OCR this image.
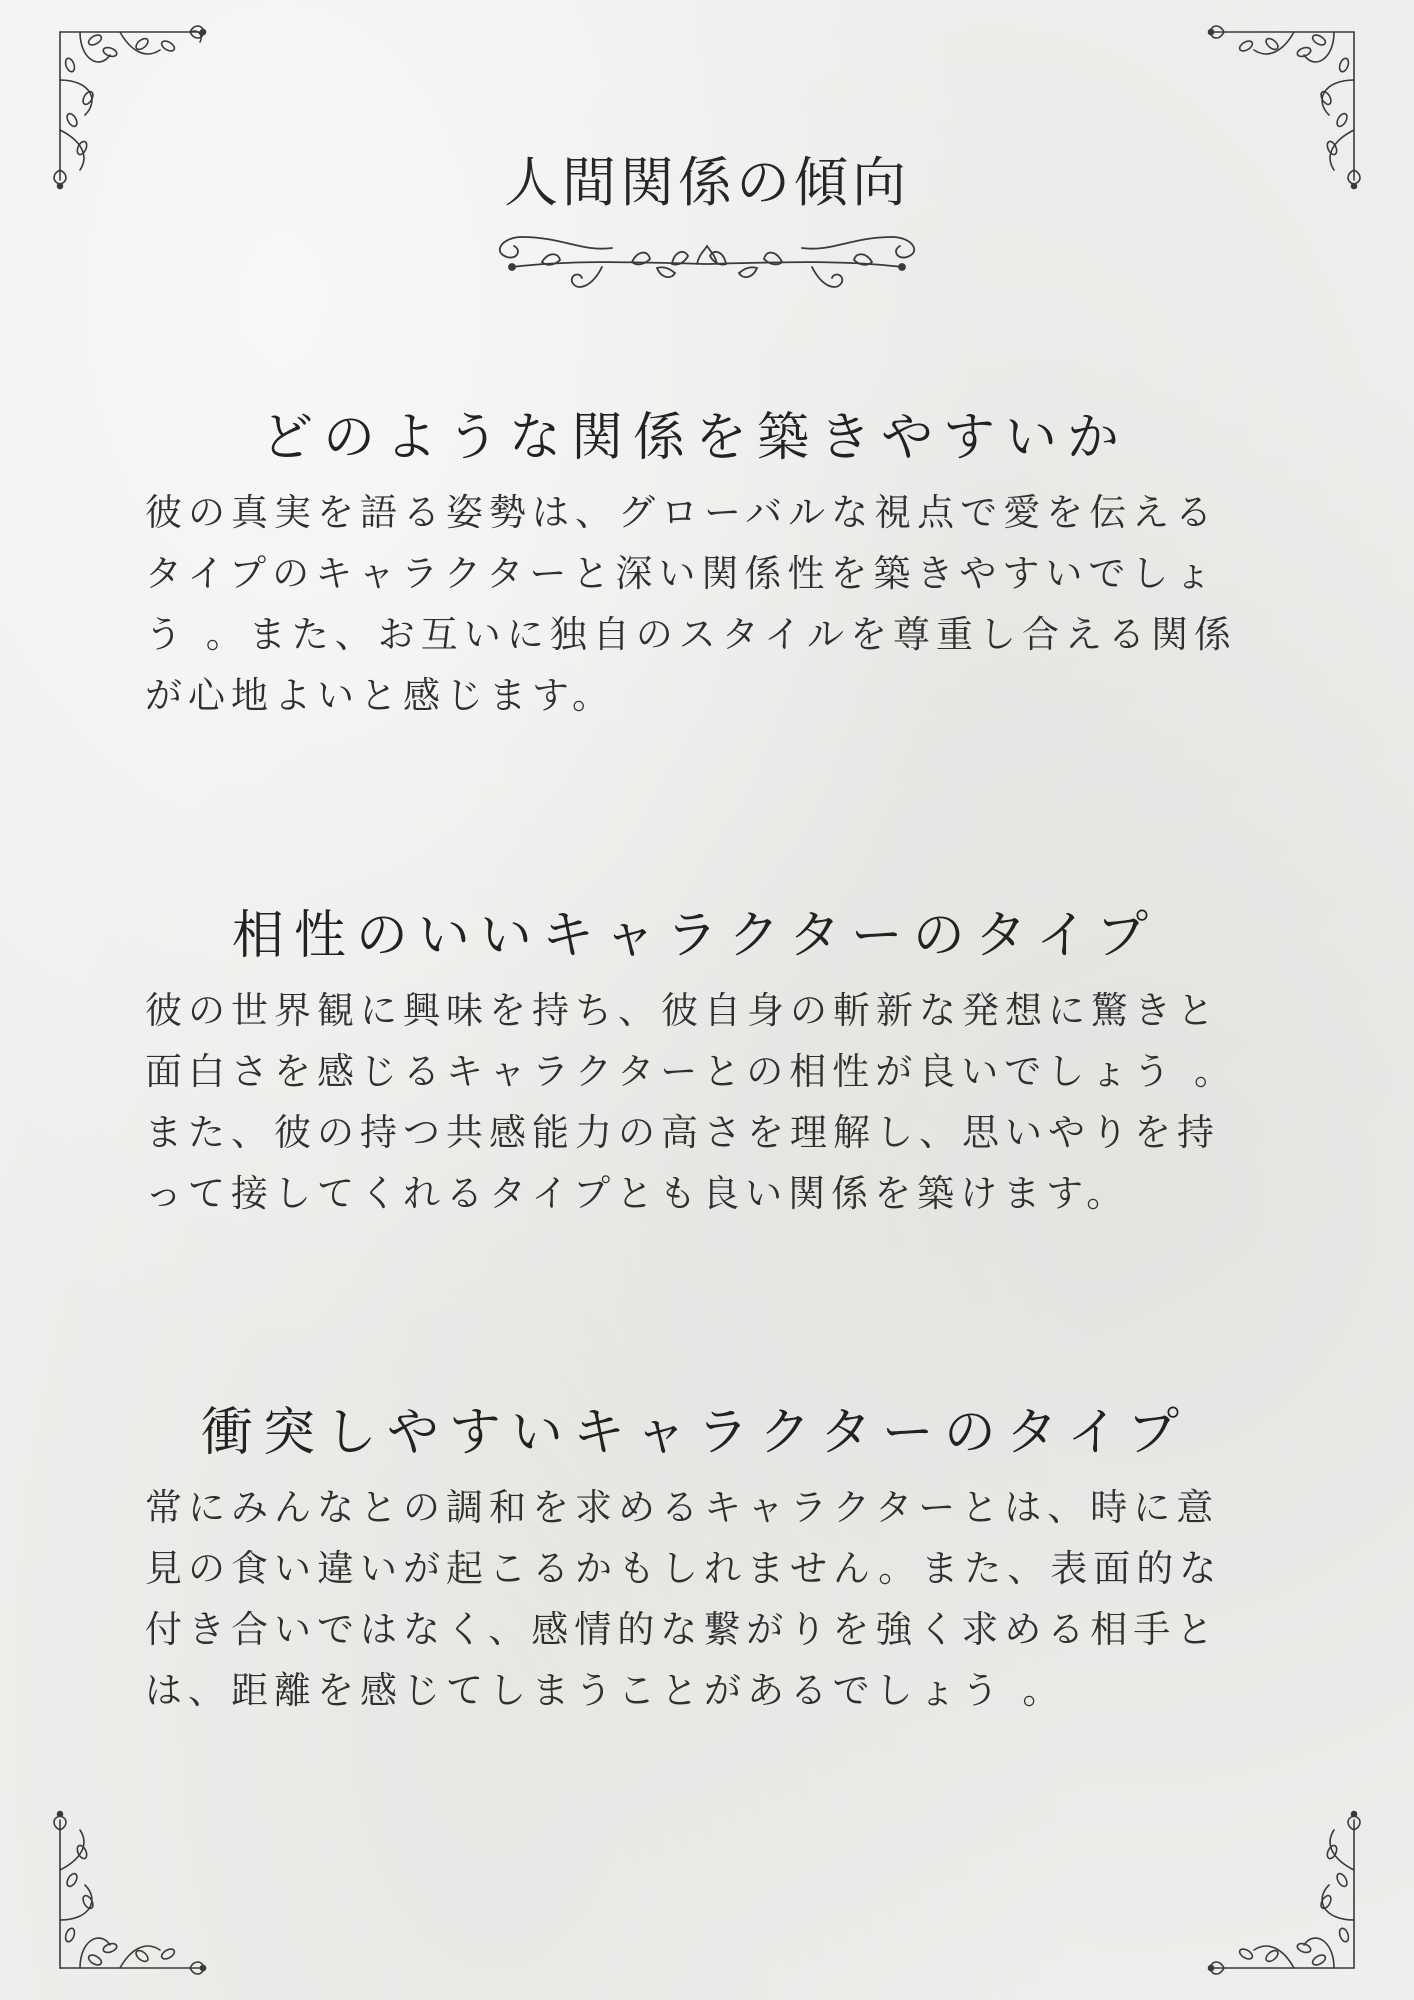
人間関係の傾向
どのような関係を築きやすいか

彼の真実を語る姿勢は、グローバルな視点で愛を伝えるタイプのキャラクターと深い関係性を築きやすいでしょう 。また、お互いに独自のスタイルを尊重し合える関係が心地よいと感じます。

相性のいいキャラクターのタイプ

彼の世界観に興味を持ち、彼自身の斬新な発想に驚きと面白さを感じるキャラクターとの相性が良いでしょう 。また、彼の持つ共感能力の高さを理解し、思いやりを持って接してくれるタイプとも良い関係を築けます。

衝突しやすいキャラクターのタイプ

常にみんなとの調和を求めるキャラクターとは、時に意見の食い違いが起こるかもしれません。また、表面的な付き合いではなく、感情的な繋がりを強く求める相手とは、距離を感じてしまうことがあるでしょう 。
